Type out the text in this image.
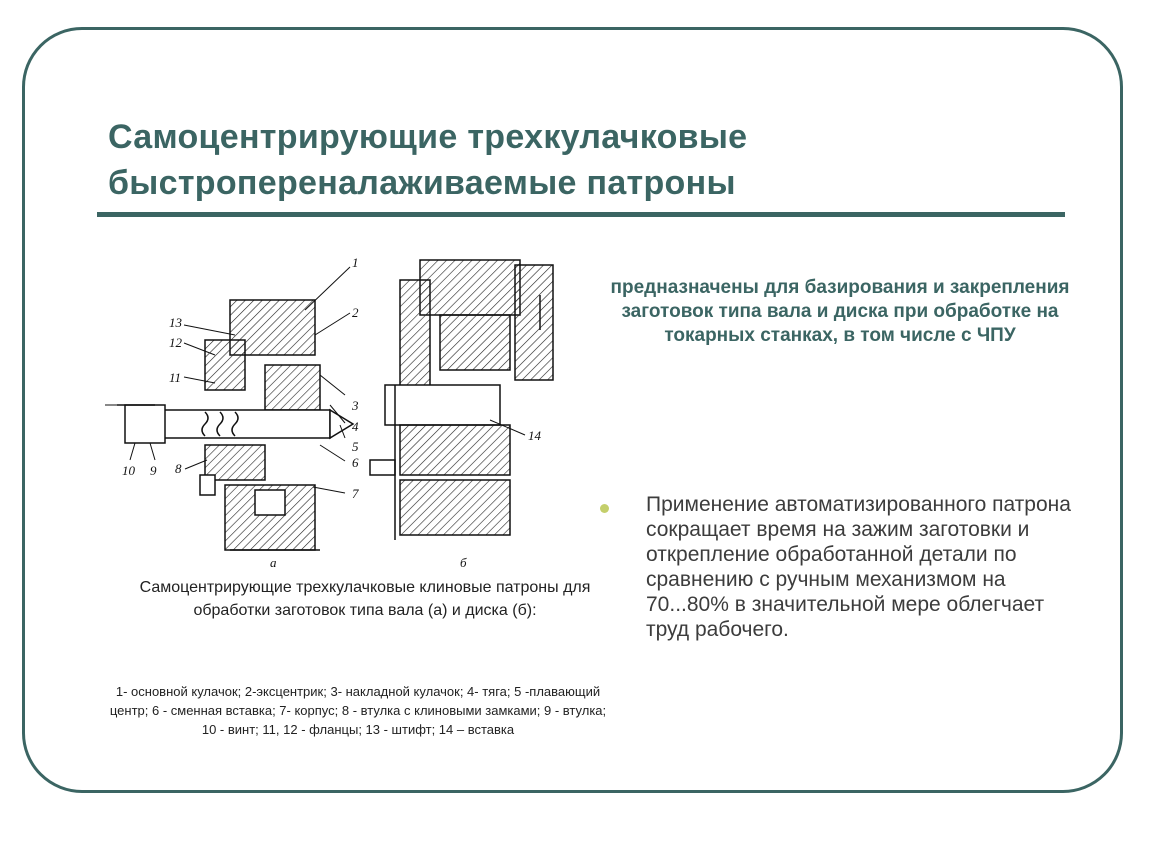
Самоцентрирующие трехкулачковые быстропереналаживаемые патроны
1
2
3
4
5
6
7
8
9
10
11
12
13
14
а	б
Самоцентрирующие трехкулачковые клиновые патроны для обработки заготовок типа вала (а) и диска (б):
1- основной кулачок; 2-эксцентрик; 3- накладной кулачок; 4- тяга; 5 -плавающий центр; 6 - сменная вставка; 7- корпус; 8 - втулка с клиновыми замками; 9 - втулка; 10 - винт; 11, 12 - фланцы; 13 - штифт; 14 – вставка
предназначены для базирования и закрепления заготовок типа вала и диска при обработке на токарных станках, в том числе с ЧПУ
Применение автоматизированного патрона сокращает время на зажим заготовки и открепление обработанной детали по сравнению с ручным механизмом на 70...80% в значительной мере облегчает труд рабочего.
